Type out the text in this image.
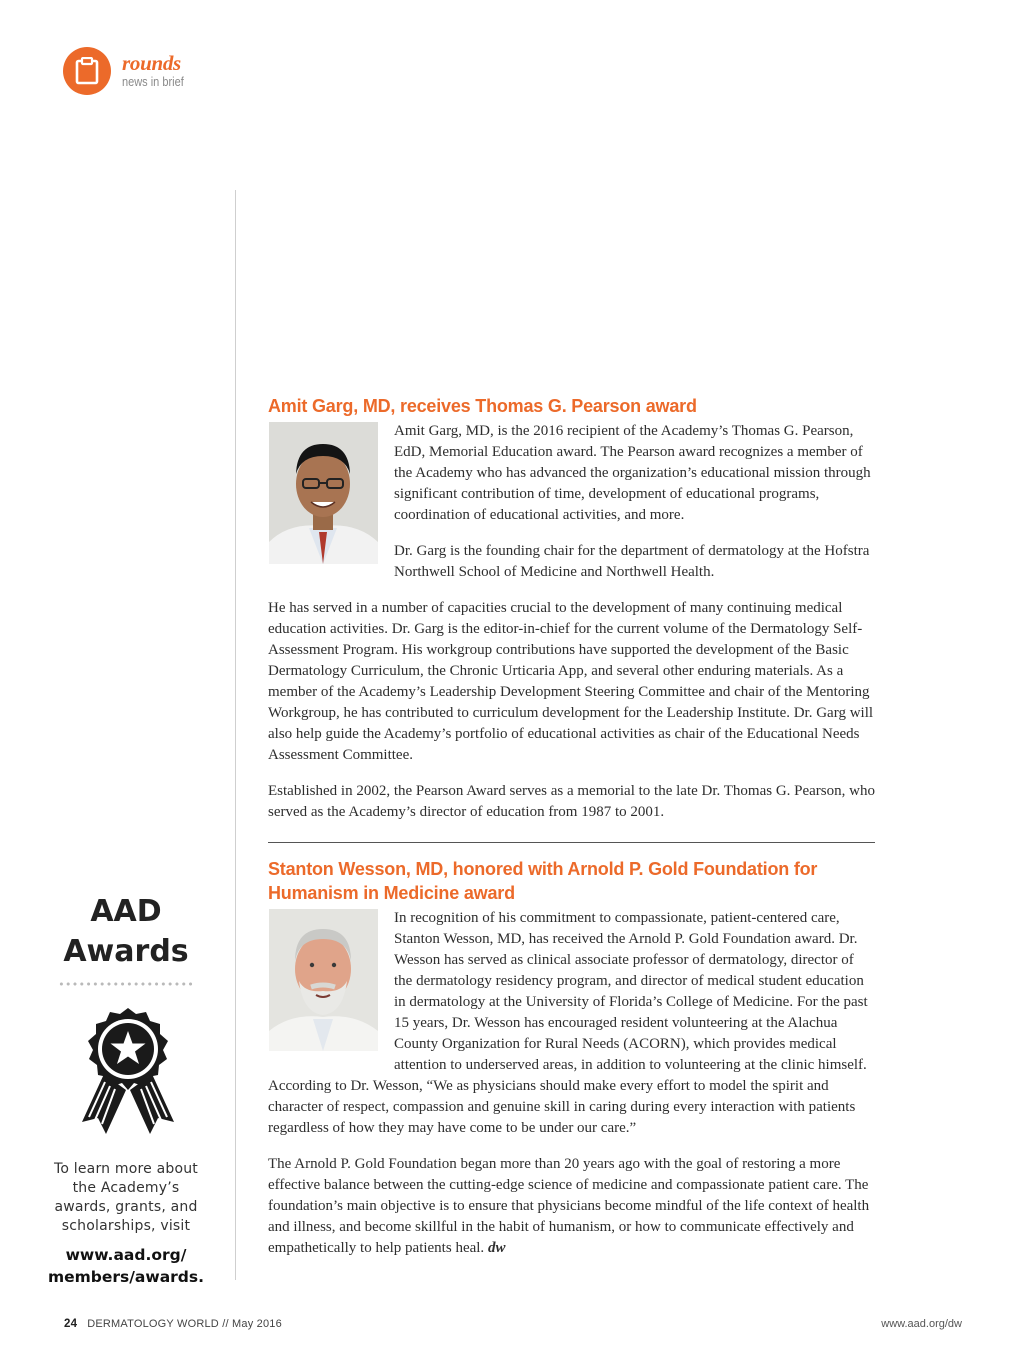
rounds
news in brief
AAD
Awards
To learn more about
the Academy’s
awards, grants, and
scholarships, visit
www.aad.org/
members/awards.
Amit Garg, MD, receives Thomas G. Pearson award

Amit Garg, MD, is the 2016 recipient of the Academy’s Thomas G. Pearson, EdD, Memorial Education award. The Pearson award recognizes a member of the Academy who has advanced the organization’s educational mission through significant contribution of time, development of educational programs, coordination of educational activities, and more.

Dr. Garg is the founding chair for the department of dermatology at the Hofstra Northwell School of Medicine and Northwell Health.

He has served in a number of capacities crucial to the development of many continuing medical education activities. Dr. Garg is the editor-in-chief for the current volume of the Dermatology Self-Assessment Program. His workgroup contributions have supported the development of the Basic Dermatology Curriculum, the Chronic Urticaria App, and several other enduring materials. As a member of the Academy’s Leadership Development Steering Committee and chair of the Mentoring Workgroup, he has contributed to curriculum development for the Leadership Institute. Dr. Garg will also help guide the Academy’s portfolio of educational activities as chair of the Educational Needs Assessment Committee.

Established in 2002, the Pearson Award serves as a memorial to the late Dr. Thomas G. Pearson, who served as the Academy’s director of education from 1987 to 2001.

Stanton Wesson, MD, honored with Arnold P. Gold Foundation for Humanism in Medicine award

In recognition of his commitment to compassionate, patient-centered care, Stanton Wesson, MD, has received the Arnold P. Gold Foundation award. Dr. Wesson has served as clinical associate professor of dermatology, director of the dermatology residency program, and director of medical student education in dermatology at the University of Florida’s College of Medicine. For the past 15 years, Dr. Wesson has encouraged resident volunteering at the Alachua County Organization for Rural Needs (ACORN), which provides medical attention to underserved areas, in addition to volunteering at the clinic himself. According to Dr. Wesson, “We as physicians should make every effort to model the spirit and character of respect, compassion and genuine skill in caring during every interaction with patients regardless of how they may have come to be under our care.”

The Arnold P. Gold Foundation began more than 20 years ago with the goal of restoring a more effective balance between the cutting-edge science of medicine and compassionate patient care. The foundation’s main objective is to ensure that physicians become mindful of the life context of health and illness, and become skillful in the habit of humanism, or how to communicate effectively and empathetically to help patients heal. dw

24 DERMATOLOGY WORLD // May 2016	www.aad.org/dw
